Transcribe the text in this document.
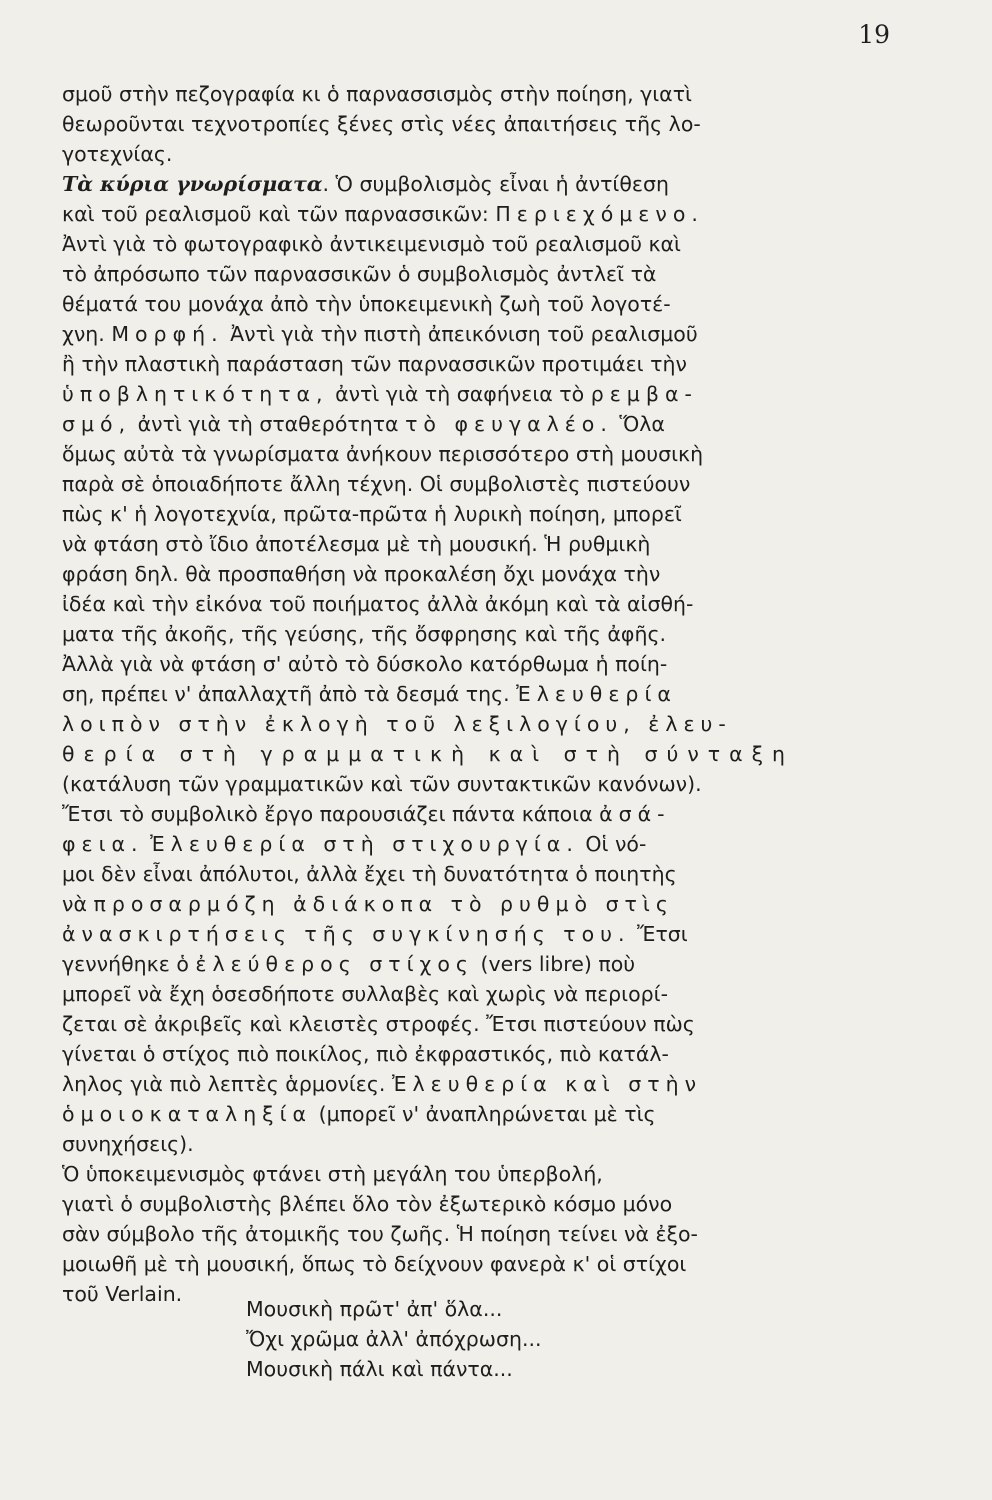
19
σμοῦ στὴν πεζογραφία κι ὁ παρνασσισμὸς στὴν ποίηση, γιατὶ
θεωροῦνται τεχνοτροπίες ξένες στὶς νέες ἀπαιτήσεις τῆς λο-
γοτεχνίας.
Τὰ κύρια γνωρίσματα. Ὁ συμβολισμὸς εἶναι ἡ ἀντίθεση
καὶ τοῦ ρεαλισμοῦ καὶ τῶν παρνασσικῶν: Περιεχόμενο.
Ἀντὶ γιὰ τὸ φωτογραφικὸ ἀντικειμενισμὸ τοῦ ρεαλισμοῦ καὶ
τὸ ἀπρόσωπο τῶν παρνασσικῶν ὁ συμβολισμὸς ἀντλεῖ τὰ
θέματά του μονάχα ἀπὸ τὴν ὑποκειμενικὴ ζωὴ τοῦ λογοτέ-
χνη. Μορφή. Ἀντὶ γιὰ τὴν πιστὴ ἀπεικόνιση τοῦ ρεαλισμοῦ
ἢ τὴν πλαστικὴ παράσταση τῶν παρνασσικῶν προτιμάει τὴν
ὑποβλητικότητα, ἀντὶ γιὰ τὴ σαφήνεια τὸ ρεμβα-
σμό, ἀντὶ γιὰ τὴ σταθερότητα τὸ φευγαλέο. Ὅλα
ὅμως αὐτὰ τὰ γνωρίσματα ἀνήκουν περισσότερο στὴ μουσικὴ
παρὰ σὲ ὁποιαδήποτε ἄλλη τέχνη. Οἱ συμβολιστὲς πιστεύουν
πὼς κ' ἡ λογοτεχνία, πρῶτα-πρῶτα ἡ λυρικὴ ποίηση, μπορεῖ
νὰ φτάση στὸ ἴδιο ἀποτέλεσμα μὲ τὴ μουσική. Ἡ ρυθμικὴ
φράση δηλ. θὰ προσπαθήση νὰ προκαλέση ὄχι μονάχα τὴν
ἰδέα καὶ τὴν εἰκόνα τοῦ ποιήματος ἀλλὰ ἀκόμη καὶ τὰ αἰσθή-
ματα τῆς ἀκοῆς, τῆς γεύσης, τῆς ὄσφρησης καὶ τῆς ἀφῆς.
Ἀλλὰ γιὰ νὰ φτάση σ' αὐτὸ τὸ δύσκολο κατόρθωμα ἡ ποίη-
ση, πρέπει ν' ἀπαλλαχτῆ ἀπὸ τὰ δεσμά της. Ἐλευθερία
λοιπὸν στὴν ἐκλογὴ τοῦ λεξιλογίου, ἐλευ-
θερία στὴ γραμματικὴ καὶ στὴ σύνταξη
(κατάλυση τῶν γραμματικῶν καὶ τῶν συντακτικῶν κανόνων).
Ἔτσι τὸ συμβολικὸ ἔργο παρουσιάζει πάντα κάποια ἀσά-
φεια. Ἐλευθερία στὴ στιχουργία. Οἱ νό-
μοι δὲν εἶναι ἀπόλυτοι, ἀλλὰ ἔχει τὴ δυνατότητα ὁ ποιητὴς
νὰ προσαρμόζη ἀδιάκοπα τὸ ρυθμὸ στὶς
ἀνασκιρτήσεις τῆς συγκίνησής του. Ἔτσι
γεννήθηκε ὁ ἐλεύθερος στίχος (vers libre) ποὺ
μπορεῖ νὰ ἔχη ὁσεσδήποτε συλλαβὲς καὶ χωρὶς νὰ περιορί-
ζεται σὲ ἀκριβεῖς καὶ κλειστὲς στροφές. Ἔτσι πιστεύουν πὼς
γίνεται ὁ στίχος πιὸ ποικίλος, πιὸ ἐκφραστικός, πιὸ κατάλ-
ληλος γιὰ πιὸ λεπτὲς ἁρμονίες. Ἐλευθερία καὶ στὴν
ὁμοιοκαταληξία (μπορεῖ ν' ἀναπληρώνεται μὲ τὶς
συνηχήσεις).
Ὁ ὑποκειμενισμὸς φτάνει στὴ μεγάλη του ὑπερβολή,
γιατὶ ὁ συμβολιστὴς βλέπει ὅλο τὸν ἐξωτερικὸ κόσμο μόνο
σὰν σύμβολο τῆς ἀτομικῆς του ζωῆς. Ἡ ποίηση τείνει νὰ ἐξο-
μοιωθῆ μὲ τὴ μουσική, ὅπως τὸ δείχνουν φανερὰ κ' οἱ στίχοι
τοῦ Verlain.
Μουσικὴ πρῶτ' ἀπ' ὅλα...
Ὄχι χρῶμα ἀλλ' ἀπόχρωση...
Μουσικὴ πάλι καὶ πάντα...
